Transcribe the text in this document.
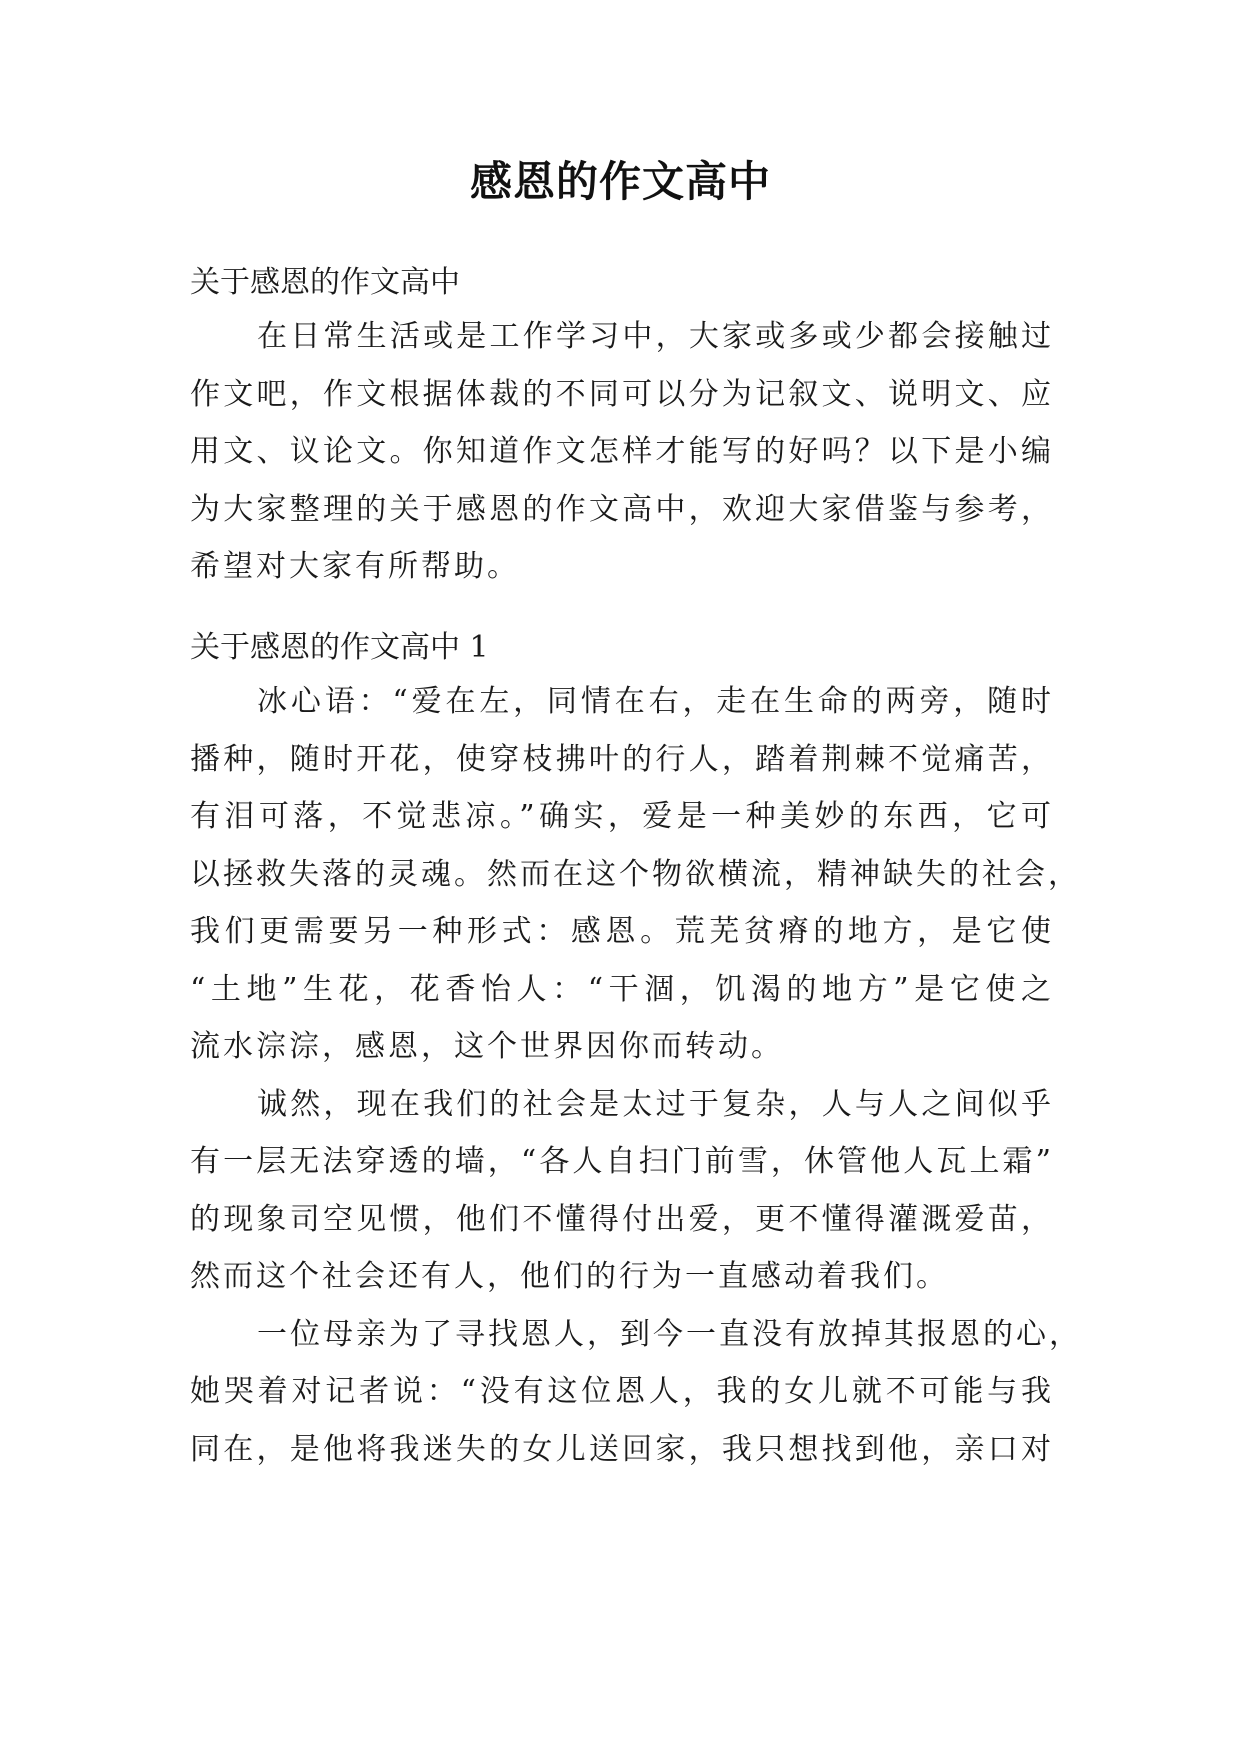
感恩的作文高中

关于感恩的作文高中

在日常生活或是工作学习中，大家或多或少都会接触过
作文吧，作文根据体裁的不同可以分为记叙文、说明文、应
用文、议论文。你知道作文怎样才能写的好吗？以下是小编
为大家整理的关于感恩的作文高中，欢迎大家借鉴与参考，
希望对大家有所帮助。

关于感恩的作文高中 1

冰心语：“爱在左，同情在右，走在生命的两旁，随时
播种，随时开花，使穿枝拂叶的行人，踏着荆棘不觉痛苦，
有泪可落，不觉悲凉。”确实，爱是一种美妙的东西，它可
以拯救失落的灵魂。然而在这个物欲横流，精神缺失的社会，
我们更需要另一种形式：感恩。荒芜贫瘠的地方，是它使
“土地”生花，花香怡人：“干涸，饥渴的地方”是它使之
流水淙淙，感恩，这个世界因你而转动。
诚然，现在我们的社会是太过于复杂，人与人之间似乎
有一层无法穿透的墙，“各人自扫门前雪，休管他人瓦上霜”
的现象司空见惯，他们不懂得付出爱，更不懂得灌溉爱苗，
然而这个社会还有人，他们的行为一直感动着我们。
一位母亲为了寻找恩人，到今一直没有放掉其报恩的心，
她哭着对记者说：“没有这位恩人，我的女儿就不可能与我
同在，是他将我迷失的女儿送回家，我只想找到他，亲口对
